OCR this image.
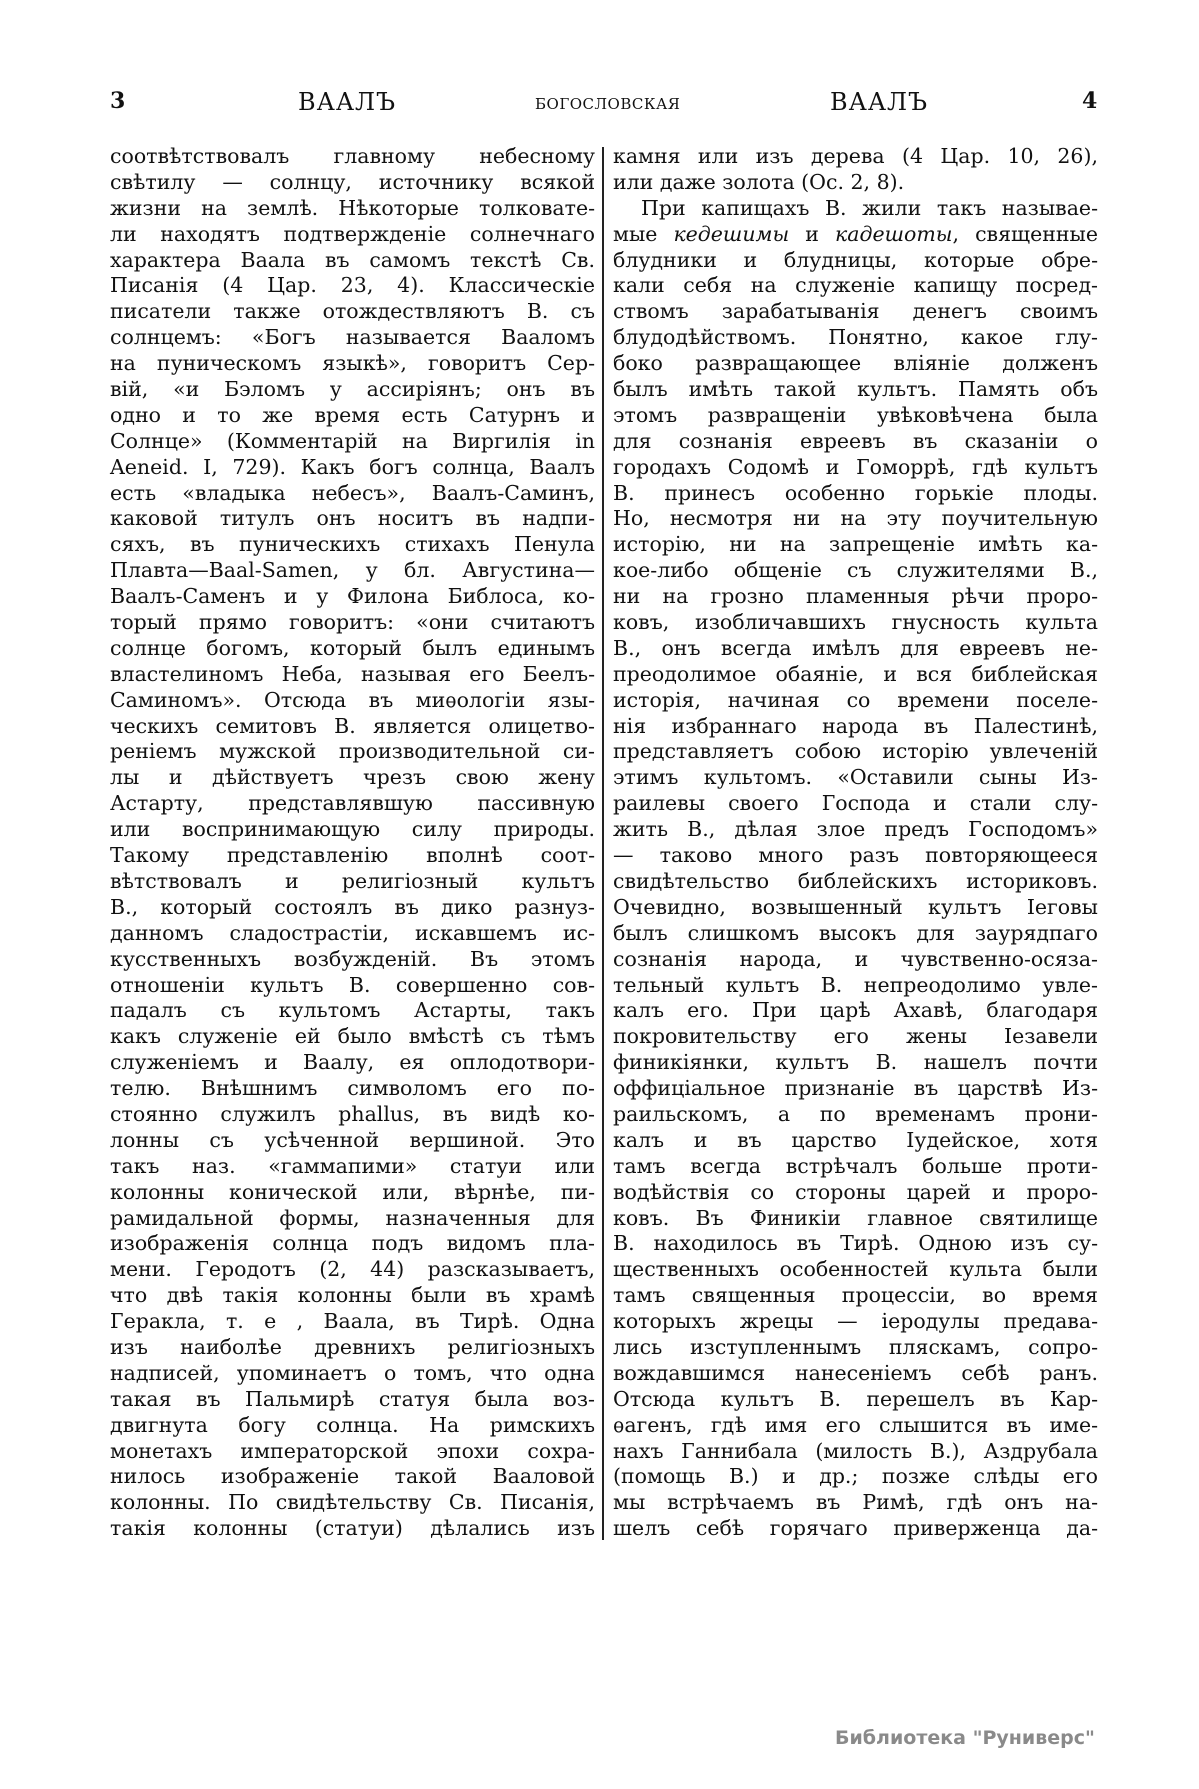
3	ВААЛЪ	БОГОСЛОВСКАЯ	ВААЛЪ	4
соотвѣтствовалъ главному небесному
свѣтилу — солнцу, источнику всякой
жизни на землѣ. Нѣкоторые толковате-
ли находятъ подтвержденіе солнечнаго
характера Ваала въ самомъ текстѣ Св.
Писанія (4 Цар. 23, 4). Классическіе
писатели также отождествляютъ В. съ
солнцемъ: «Богъ называется Вааломъ
на пуническомъ языкѣ», говоритъ Сер-
вій, «и Бэломъ у ассиріянъ; онъ въ
одно и то же время есть Сатурнъ и
Солнце» (Комментарій на Виргилія in
Aeneid. I, 729). Какъ богъ солнца, Ваалъ
есть «владыка небесъ», Ваалъ-Саминъ,
каковой титулъ онъ носитъ въ надпи-
сяхъ, въ пуническихъ стихахъ Пенула
Плавта—Baal-Samen, у бл. Августина—
Ваалъ-Саменъ и у Филона Библоса, ко-
торый прямо говоритъ: «они считаютъ
солнце богомъ, который былъ единымъ
властелиномъ Неба, называя его Беелъ-
Саминомъ». Отсюда въ миѳологіи язы-
ческихъ семитовъ В. является олицетво-
реніемъ мужской производительной си-
лы и дѣйствуетъ чрезъ свою жену
Астарту, представлявшую пассивную
или воспринимающую силу природы.
Такому представленію вполнѣ соот-
вѣтствовалъ и религіозный культъ
В., который состоялъ въ дико разнуз-
данномъ сладострастіи, искавшемъ ис-
кусственныхъ возбужденій. Въ этомъ
отношеніи культъ В. совершенно сов-
падалъ съ культомъ Астарты, такъ
какъ служеніе ей было вмѣстѣ съ тѣмъ
служеніемъ и Ваалу, ея оплодотвори-
телю. Внѣшнимъ символомъ его по-
стоянно служилъ phallus, въ видѣ ко-
лонны съ усѣченной вершиной. Это
такъ наз. «гаммапими» статуи или
колонны конической или, вѣрнѣе, пи-
рамидальной формы, назначенныя для
изображенія солнца подъ видомъ пла-
мени. Геродотъ (2, 44) разсказываетъ,
что двѣ такія колонны были въ храмѣ
Геракла, т. е , Ваала, въ Тирѣ. Одна
изъ наиболѣе древнихъ религіозныхъ
надписей, упоминаетъ о томъ, что одна
такая въ Пальмирѣ статуя была воз-
двигнута богу солнца. На римскихъ
монетахъ императорской эпохи сохра-
нилось изображеніе такой Вааловой
колонны. По свидѣтельству Св. Писанія,
такія колонны (статуи) дѣлались изъ
камня или изъ дерева (4 Цар. 10, 26),
или даже золота (Ос. 2, 8).
При капищахъ В. жили такъ называе-
мые кедешимы и кадешоты, священные
блудники и блудницы, которые обре-
кали себя на служеніе капищу посред-
ствомъ зарабатыванія денегъ своимъ
блудодѣйствомъ. Понятно, какое глу-
боко развращающее вліяніе долженъ
былъ имѣть такой культъ. Память объ
этомъ развращеніи увѣковѣчена была
для сознанія евреевъ въ сказаніи о
городахъ Содомѣ и Гоморрѣ, гдѣ культъ
В. принесъ особенно горькіе плоды.
Но, несмотря ни на эту поучительную
исторію, ни на запрещеніе имѣть ка-
кое-либо общеніе съ служителями В.,
ни на грозно пламенныя рѣчи проро-
ковъ, изобличавшихъ гнусность культа
В., онъ всегда имѣлъ для евреевъ не-
преодолимое обаяніе, и вся библейская
исторія, начиная со времени поселе-
нія избраннаго народа въ Палестинѣ,
представляетъ собою исторію увлеченій
этимъ культомъ. «Оставили сыны Из-
раилевы своего Господа и стали слу-
жить В., дѣлая злое предъ Господомъ»
— таково много разъ повторяющееся
свидѣтельство библейскихъ историковъ.
Очевидно, возвышенный культъ Іеговы
былъ слишкомъ высокъ для заурядпаго
сознанія народа, и чувственно-осяза-
тельный культъ В. непреодолимо увле-
калъ его. При царѣ Ахавѣ, благодаря
покровительству его жены Іезавели
финикіянки, культъ В. нашелъ почти
оффиціальное признаніе въ царствѣ Из-
раильскомъ, а по временамъ прони-
калъ и въ царство Іудейское, хотя
тамъ всегда встрѣчалъ больше проти-
водѣйствія со стороны царей и проро-
ковъ. Въ Финикіи главное святилище
В. находилось въ Тирѣ. Одною изъ су-
щественныхъ особенностей культа были
тамъ священныя процессіи, во время
которыхъ жрецы — іеродулы предава-
лись изступленнымъ пляскамъ, сопро-
вождавшимся нанесеніемъ себѣ ранъ.
Отсюда культъ В. перешелъ въ Кар-
ѳагенъ, гдѣ имя его слышится въ име-
нахъ Ганнибала (милость В.), Аздрубала
(помощь В.) и др.; позже слѣды его
мы встрѣчаемъ въ Римѣ, гдѣ онъ на-
шелъ себѣ горячаго приверженца да-
Библиотека "Руниверс"
